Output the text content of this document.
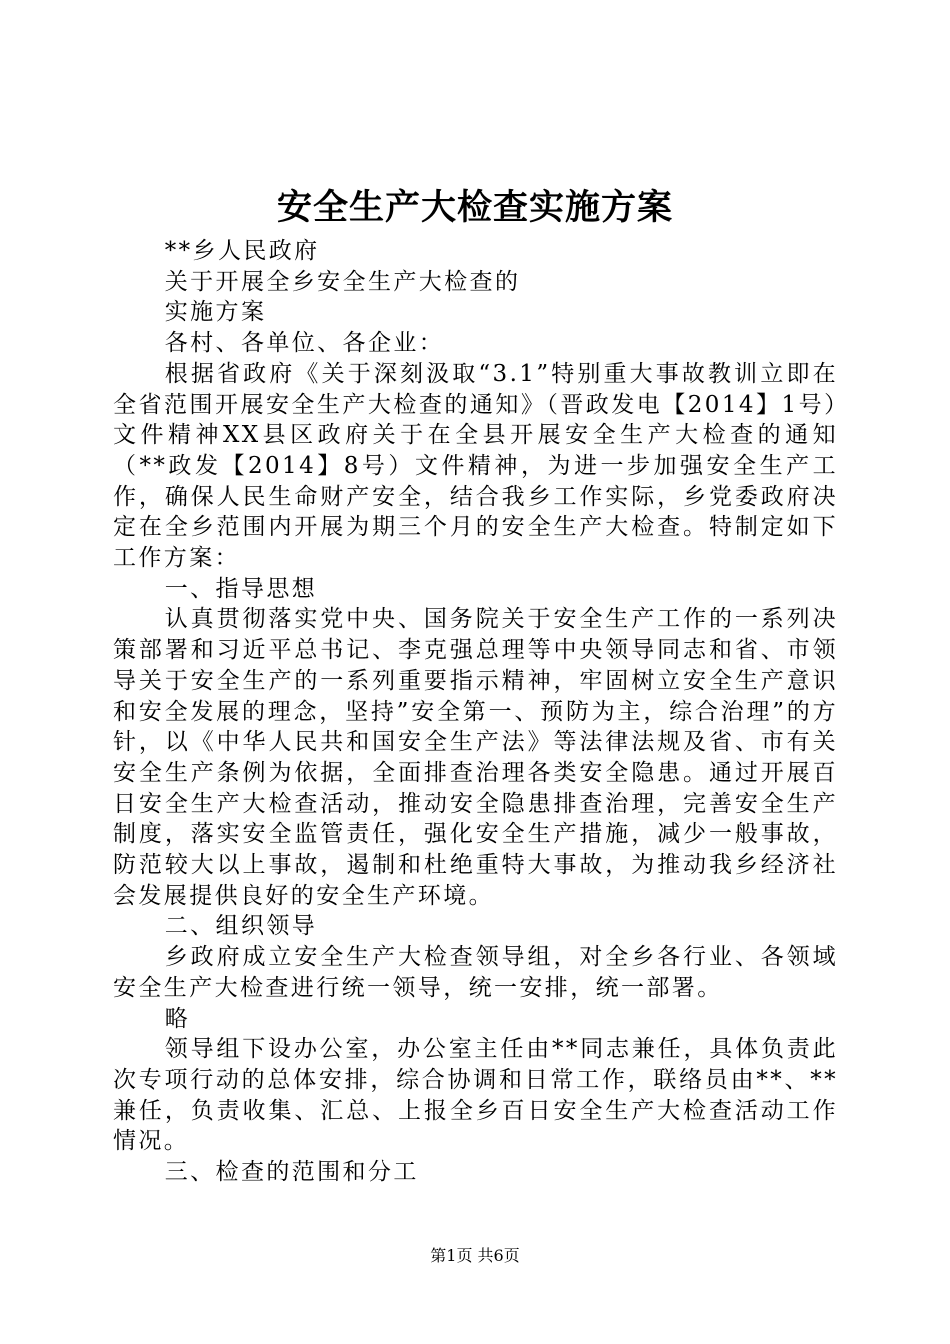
安全生产大检查实施方案

**乡人民政府

关于开展全乡安全生产大检查的

实施方案

各村、各单位、各企业：

根据省政府《关于深刻汲取“3.1”特别重大事故教训立即在全省范围开展安全生产大检查的通知》（晋政发电【2014】1号）文件精神XX县区政府关于在全县开展安全生产大检查的通知（**政发【2014】8号）文件精神，为进一步加强安全生产工作，确保人民生命财产安全，结合我乡工作实际，乡党委政府决定在全乡范围内开展为期三个月的安全生产大检查。特制定如下工作方案：

一、指导思想

认真贯彻落实党中央、国务院关于安全生产工作的一系列决策部署和习近平总书记、李克强总理等中央领导同志和省、市领导关于安全生产的一系列重要指示精神，牢固树立安全生产意识和安全发展的理念，坚持”安全第一、预防为主，综合治理”的方针，以《中华人民共和国安全生产法》等法律法规及省、市有关安全生产条例为依据，全面排查治理各类安全隐患。通过开展百日安全生产大检查活动，推动安全隐患排查治理，完善安全生产制度，落实安全监管责任，强化安全生产措施，减少一般事故，防范较大以上事故，遏制和杜绝重特大事故，为推动我乡经济社会发展提供良好的安全生产环境。

二、组织领导

乡政府成立安全生产大检查领导组，对全乡各行业、各领域安全生产大检查进行统一领导，统一安排，统一部署。

略

领导组下设办公室，办公室主任由**同志兼任，具体负责此次专项行动的总体安排，综合协调和日常工作，联络员由**、**兼任，负责收集、汇总、上报全乡百日安全生产大检查活动工作情况。

三、检查的范围和分工

第1页 共6页
